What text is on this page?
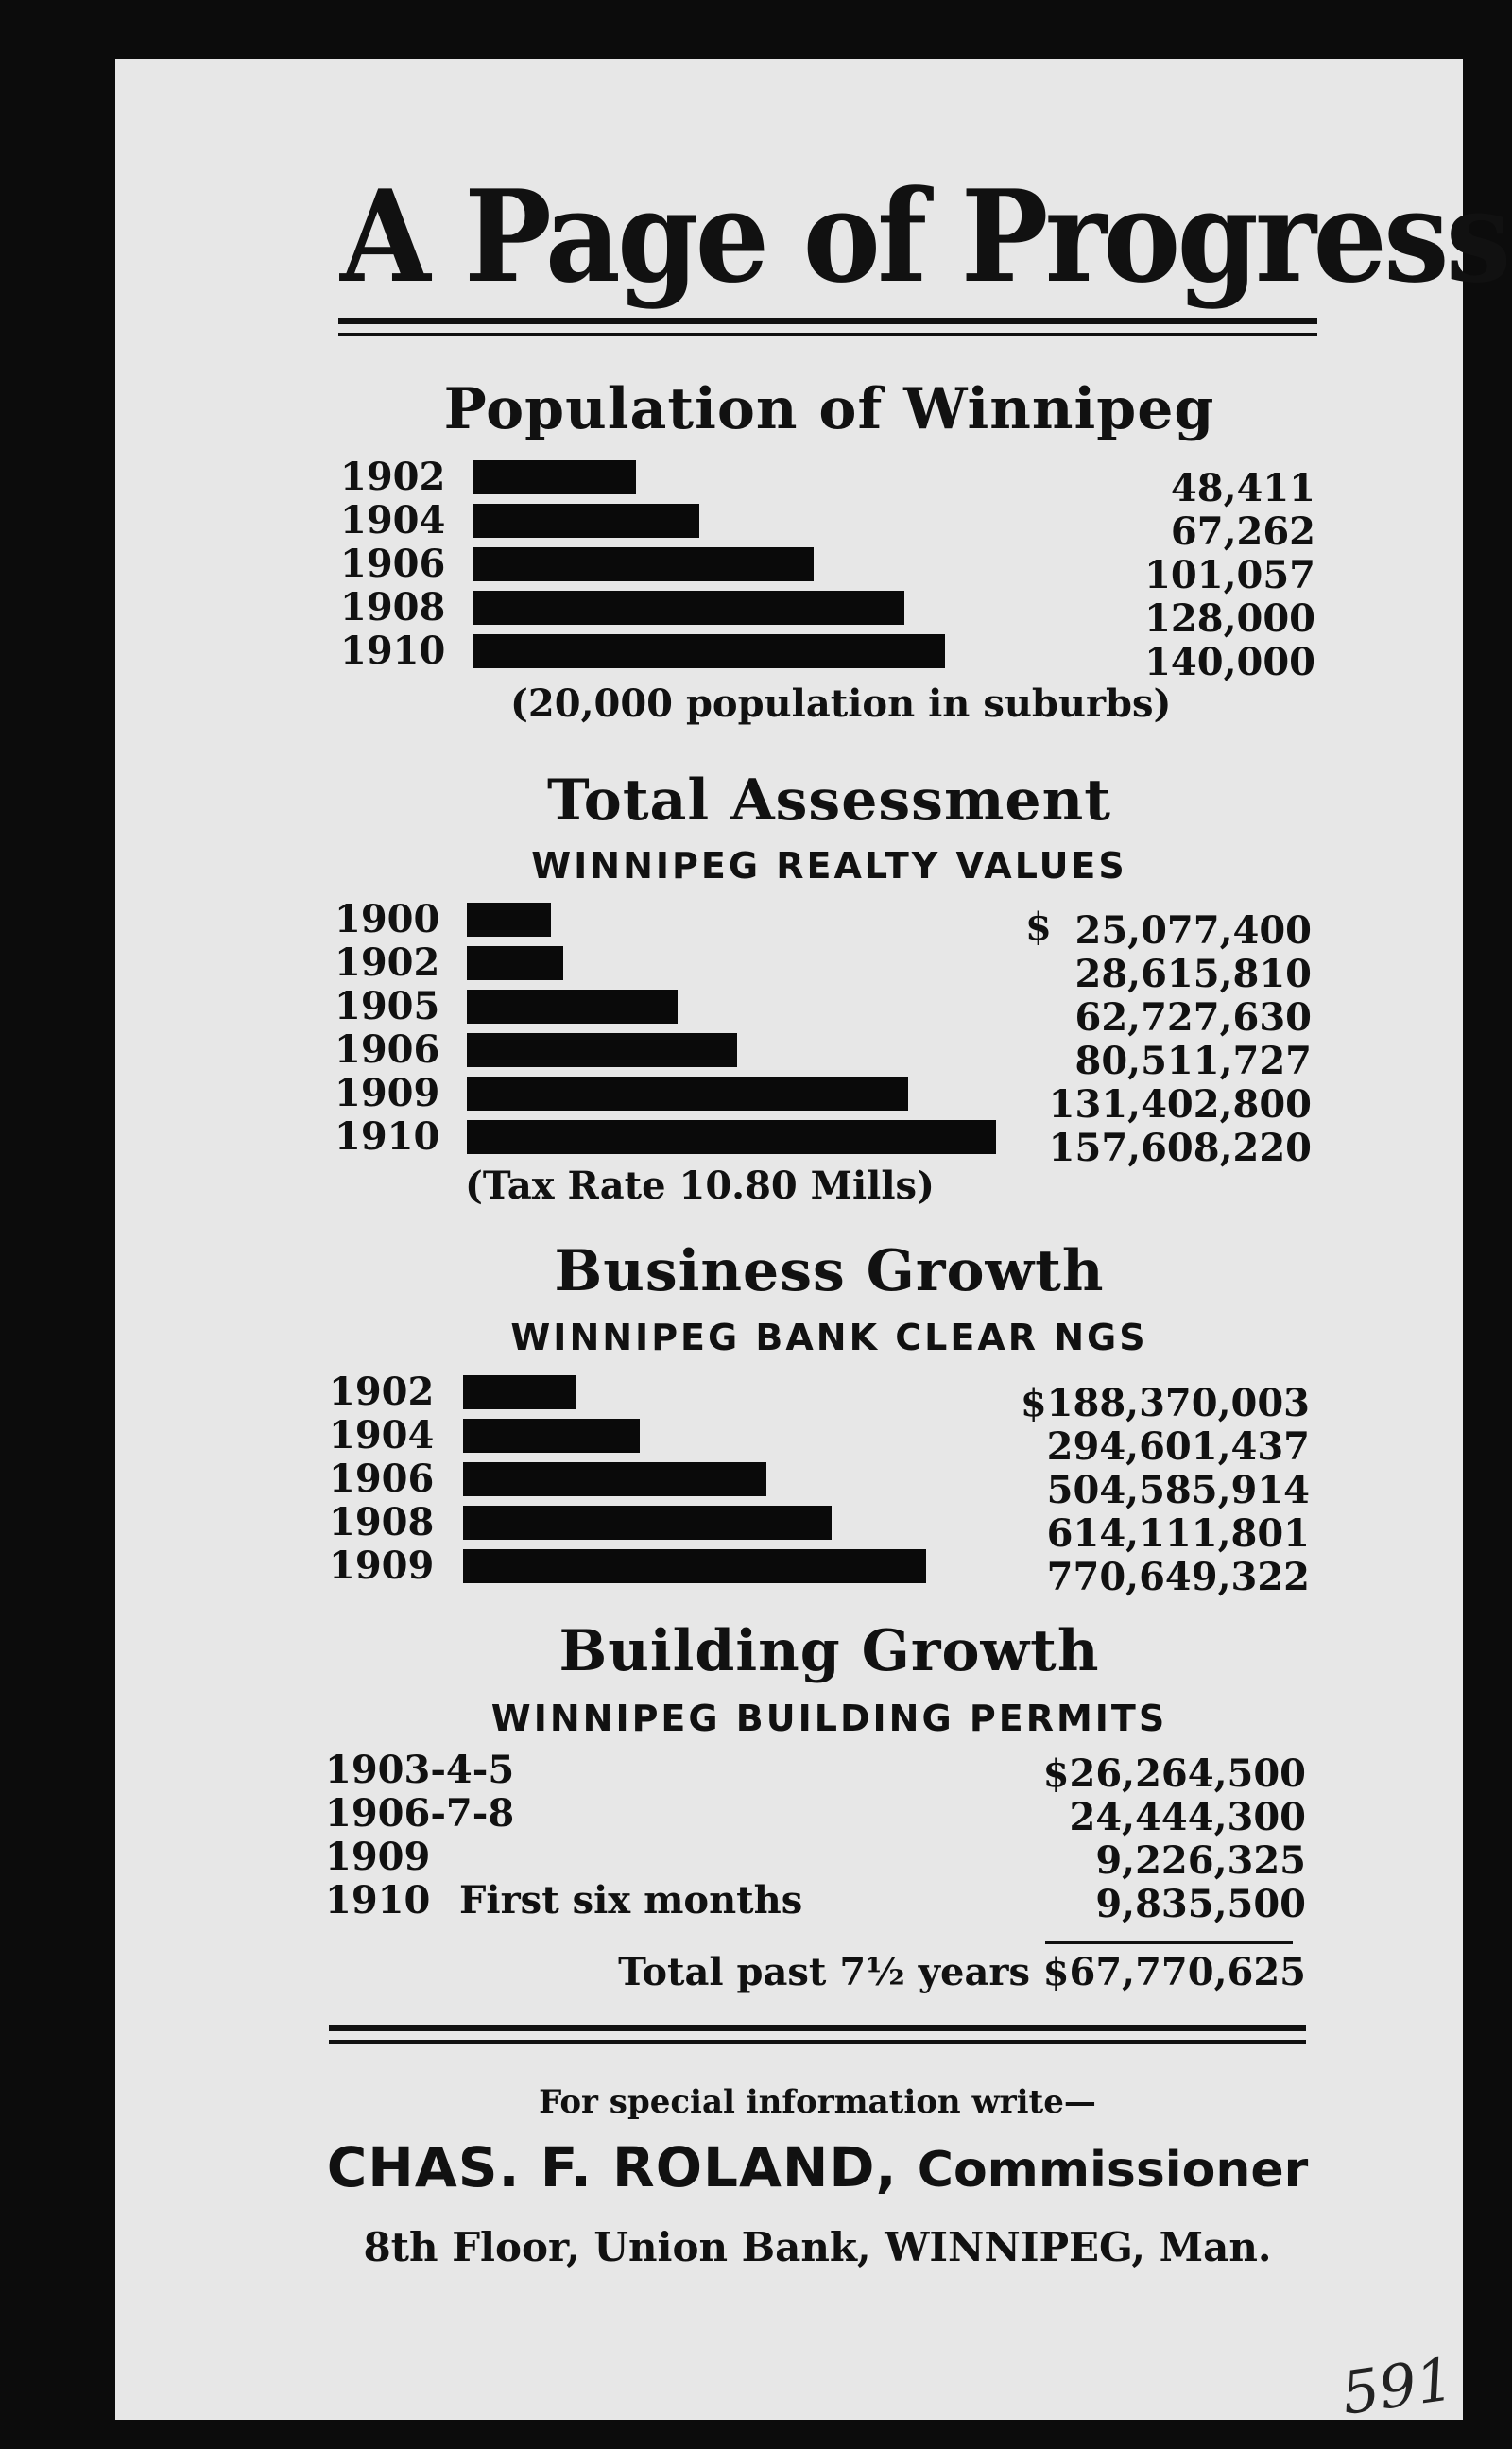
A Page of Progress
Population of Winnipeg
1902	48,411
1904	67,262
1906	101,057
1908	128,000
1910	140,000
(20,000 population in suburbs)
Total Assessment
WINNIPEG REALTY VALUES
$
1900	25,077,400
1902	28,615,810
1905	62,727,630
1906	80,511,727
1909	131,402,800
1910	157,608,220
(Tax Rate 10.80 Mills)
Business Growth
WINNIPEG BANK CLEAR NGS
1902	$188,370,003
1904	294,601,437
1906	504,585,914
1908	614,111,801
1909	770,649,322
Building Growth
WINNIPEG BUILDING PERMITS
1903-4-5	$26,264,500
1906-7-8	24,444,300
1909	9,226,325
1910 First six months	9,835,500
Total past 7½ years $67,770,625
For special information write—
CHAS. F. ROLAND, Commissioner
8th Floor, Union Bank, WINNIPEG, Man.
591
